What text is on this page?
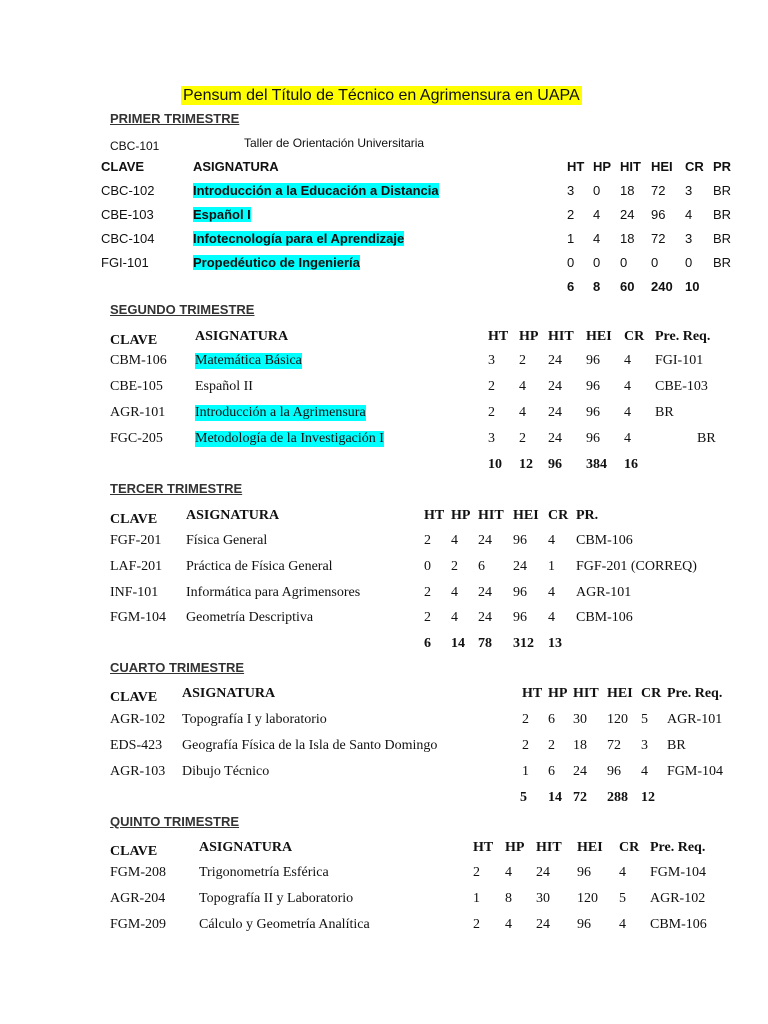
Pensum del Título de Técnico en Agrimensura en UAPA
PRIMER TRIMESTRE
CBC-101	Taller de Orientación Universitaria
CLAVE	ASIGNATURA	HT HP HIT HEI CR PR
CBC-102	Introducción a la Educación a Distancia	3 0 18 72 3 BR
CBE-103	Español I	2 4 24 96 4 BR
CBC-104	Infotecnología para el Aprendizaje	1 4 18 72 3 BR
FGI-101	Propedéutico de Ingeniería	0 0 0 0 0 BR
6 8 60 240 10
SEGUNDO TRIMESTRE
CLAVE	ASIGNATURA	HT HP HIT HEI CR Pre. Req.
CBM-106 Matemática Básica	3 2 24 96 4 FGI-101
CBE-105 Español II	2 4 24 96 4 CBE-103
AGR-101 Introducción a la Agrimensura	2 4 24 96 4 BR
FGC-205 Metodología de la Investigación I	3 2 24 96 4	BR
10 12 96 384 16
TERCER TRIMESTRE
CLAVE ASIGNATURA	HT HP HIT HEI CR PR.
FGF-201 Física General	2 4 24 96 4 CBM-106
LAF-201 Práctica de Física General	0 2 6 24 1 FGF-201 (CORREQ)
INF-101 Informática para Agrimensores	2 4 24 96 4 AGR-101
FGM-104 Geometría Descriptiva	2 4 24 96 4 CBM-106
6 14 78 312 13
CUARTO TRIMESTRE
CLAVE ASIGNATURA	HT HP HIT HEI CR Pre. Req.
AGR-102 Topografía I y laboratorio	2 6 30 120 5 AGR-101
EDS-423 Geografía Física de la Isla de Santo Domingo	2 2 18 72 3 BR
AGR-103 Dibujo Técnico	1 6 24 96 4 FGM-104
5 14 72 288 12
QUINTO TRIMESTRE
CLAVE	ASIGNATURA	HT HP HIT HEI CR Pre. Req.
FGM-208 Trigonometría Esférica	2 4 24 96 4 FGM-104
AGR-204 Topografía II y Laboratorio	1 8 30 120 5 AGR-102
FGM-209 Cálculo y Geometría Analítica	2 4 24 96 4 CBM-106
